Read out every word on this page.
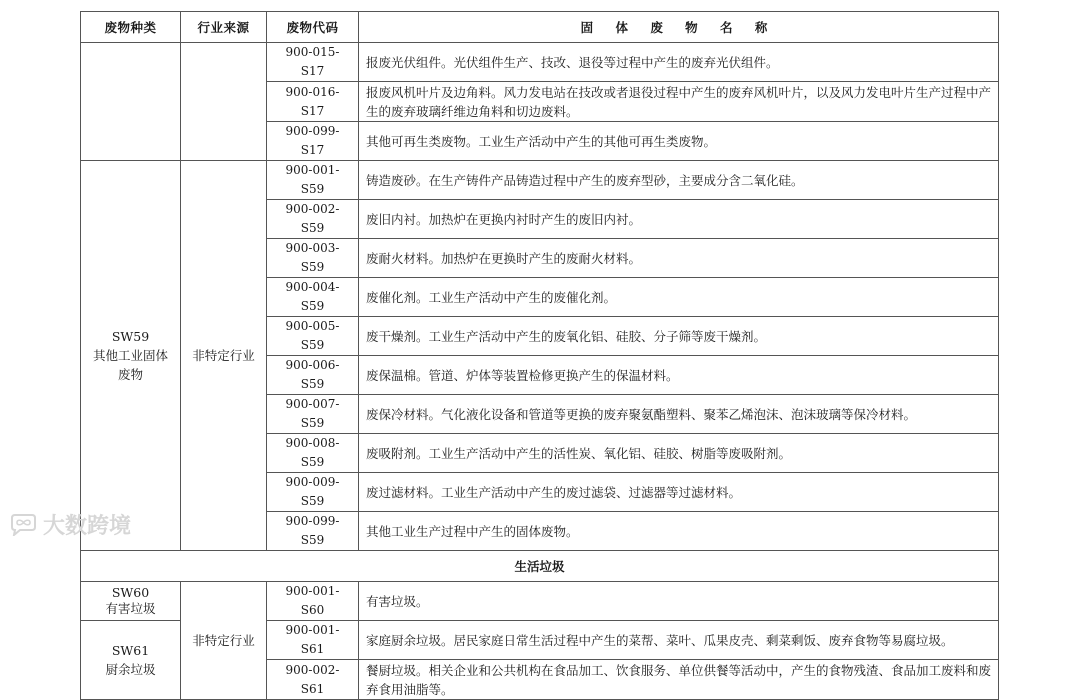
废物种类	行业来源	废物代码	固 体 废 物 名 称
		900-015-S17	报废光伏组件。光伏组件生产、技改、退役等过程中产生的废弃光伏组件。
		900-016-S17	报废风机叶片及边角料。风力发电站在技改或者退役过程中产生的废弃风机叶片，以及风力发电叶片生产过程中产生的废弃玻璃纤维边角料和切边废料。
		900-099-S17	其他可再生类废物。工业生产活动中产生的其他可再生类废物。

SW59
其他工业固体废物	非特定行业	900-001-S59	铸造废砂。在生产铸件产品铸造过程中产生的废弃型砂，主要成分含二氧化硅。
		900-002-S59	废旧内衬。加热炉在更换内衬时产生的废旧内衬。
		900-003-S59	废耐火材料。加热炉在更换时产生的废耐火材料。
		900-004-S59	废催化剂。工业生产活动中产生的废催化剂。
		900-005-S59	废干燥剂。工业生产活动中产生的废氧化铝、硅胶、分子筛等废干燥剂。
		900-006-S59	废保温棉。管道、炉体等装置检修更换产生的保温材料。
		900-007-S59	废保冷材料。气化液化设备和管道等更换的废弃聚氨酯塑料、聚苯乙烯泡沫、泡沫玻璃等保冷材料。
		900-008-S59	废吸附剂。工业生产活动中产生的活性炭、氧化铝、硅胶、树脂等废吸附剂。
		900-009-S59	废过滤材料。工业生产活动中产生的废过滤袋、过滤器等过滤材料。
		900-099-S59	其他工业生产过程中产生的固体废物。
生活垃圾			

SW60
有害垃圾	非特定行业	900-001-S60	有害垃圾。

SW61
厨余垃圾		900-001-S61	家庭厨余垃圾。居民家庭日常生活过程中产生的菜帮、菜叶、瓜果皮壳、剩菜剩饭、废弃食物等易腐垃圾。
		900-002-S61	餐厨垃圾。相关企业和公共机构在食品加工、饮食服务、单位供餐等活动中，产生的食物残渣、食品加工废料和废弃食用油脂等。
大数跨境
